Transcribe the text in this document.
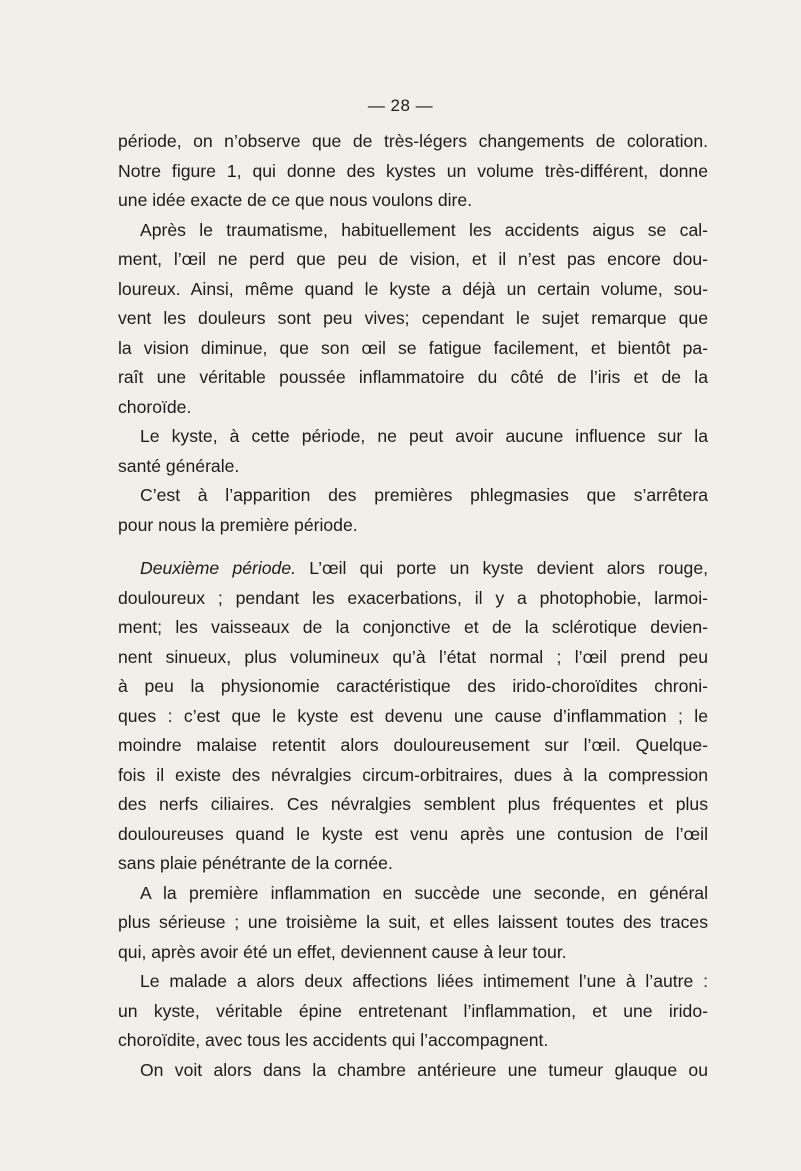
— 28 —
période, on n’observe que de très-légers changements de coloration.
Notre figure 1, qui donne des kystes un volume très-différent, donne
une idée exacte de ce que nous voulons dire.
Après le traumatisme, habituellement les accidents aigus se cal-
ment, l’œil ne perd que peu de vision, et il n’est pas encore dou-
loureux. Ainsi, même quand le kyste a déjà un certain volume, sou-
vent les douleurs sont peu vives; cependant le sujet remarque que
la vision diminue, que son œil se fatigue facilement, et bientôt pa-
raît une véritable poussée inflammatoire du côté de l’iris et de la
choroïde.
Le kyste, à cette période, ne peut avoir aucune influence sur la
santé générale.
C’est à l’apparition des premières phlegmasies que s’arrêtera
pour nous la première période.
Deuxième période. L’œil qui porte un kyste devient alors rouge,
douloureux ; pendant les exacerbations, il y a photophobie, larmoi-
ment; les vaisseaux de la conjonctive et de la sclérotique devien-
nent sinueux, plus volumineux qu’à l’état normal ; l’œil prend peu
à peu la physionomie caractéristique des irido-choroïdites chroni-
ques : c’est que le kyste est devenu une cause d’inflammation ; le
moindre malaise retentit alors douloureusement sur l’œil. Quelque-
fois il existe des névralgies circum-orbitraires, dues à la compression
des nerfs ciliaires. Ces névralgies semblent plus fréquentes et plus
douloureuses quand le kyste est venu après une contusion de l’œil
sans plaie pénétrante de la cornée.
A la première inflammation en succède une seconde, en général
plus sérieuse ; une troisième la suit, et elles laissent toutes des traces
qui, après avoir été un effet, deviennent cause à leur tour.
Le malade a alors deux affections liées intimement l’une à l’autre :
un kyste, véritable épine entretenant l’inflammation, et une irido-
choroïdite, avec tous les accidents qui l’accompagnent.
On voit alors dans la chambre antérieure une tumeur glauque ou
